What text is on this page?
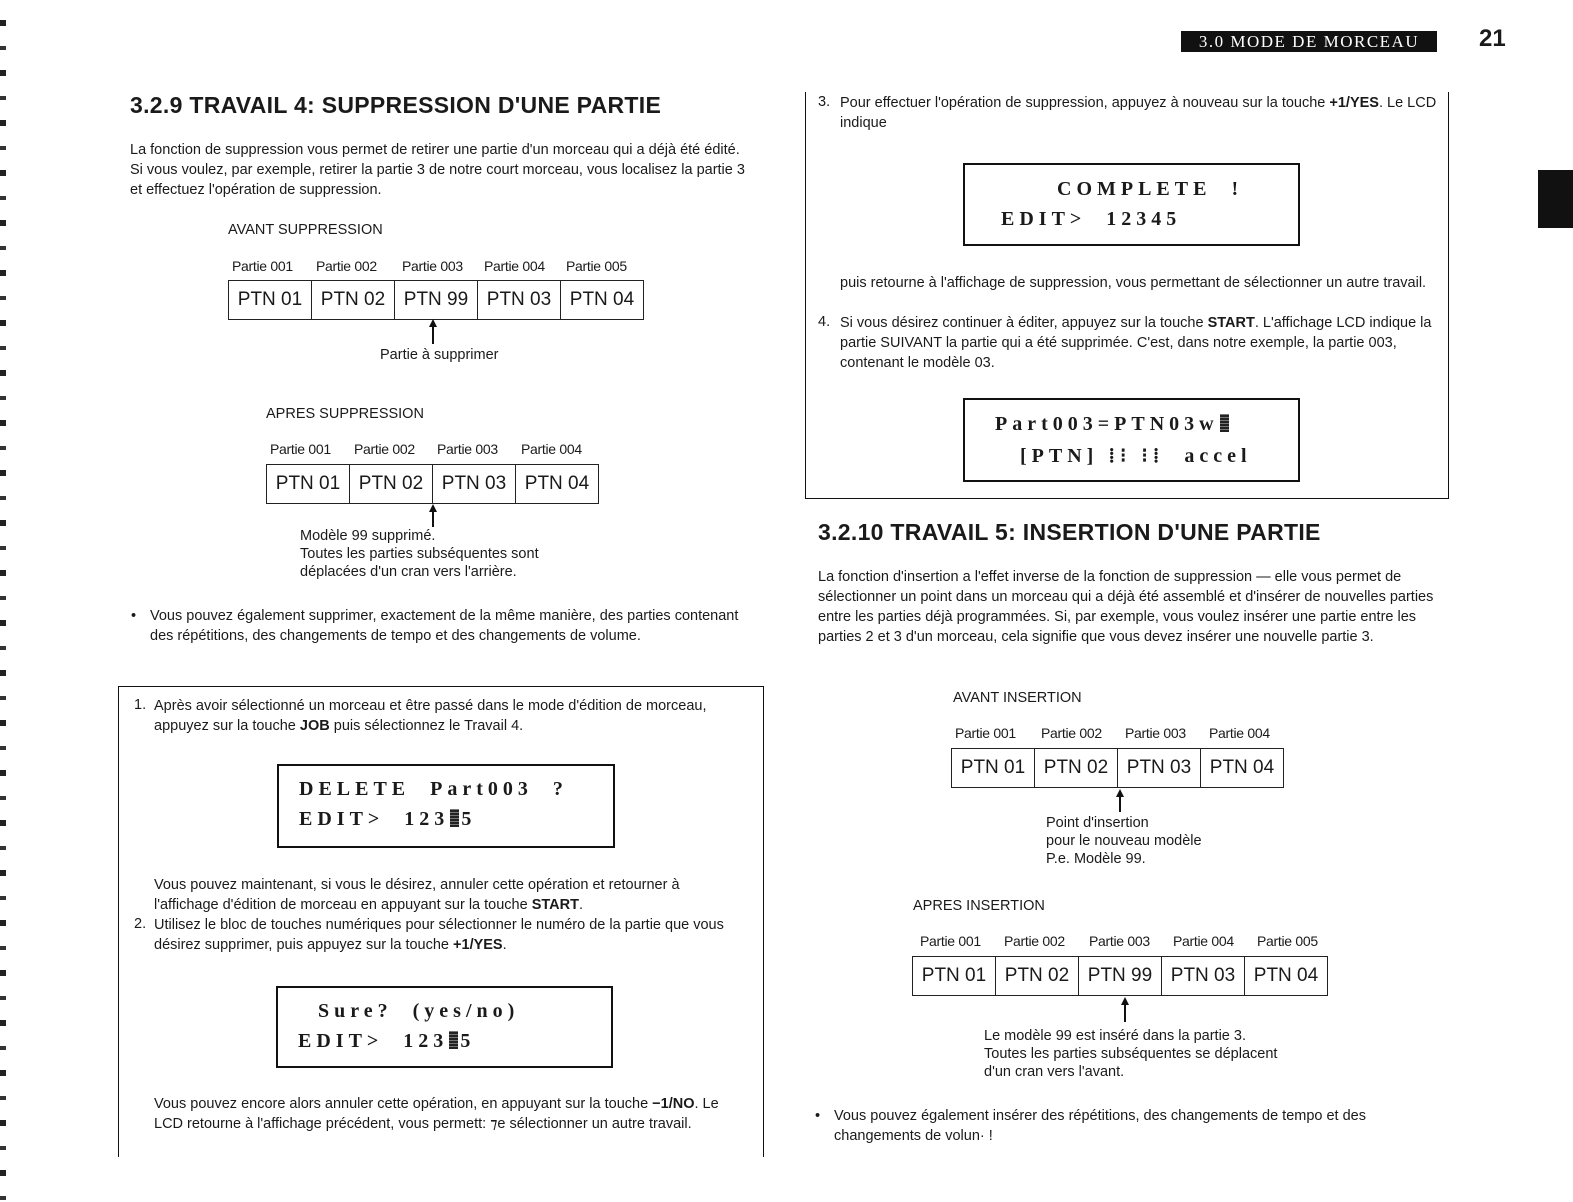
3.0 MODE DE MORCEAU	21
3.2.9 TRAVAIL 4: SUPPRESSION D'UNE PARTIE

La fonction de suppression vous permet de retirer une partie d'un morceau qui a déjà été édité. Si vous voulez, par exemple, retirer la partie 3 de notre court morceau, vous localisez la partie 3 et effectuez l'opération de suppression.

AVANT SUPPRESSION
Partie 001 Partie 002 Partie 003 Partie 004 Partie 005
PTN 01 PTN 02 PTN 99 PTN 03 PTN 04
Partie à supprimer
APRES SUPPRESSION
Partie 001 Partie 002 Partie 003 Partie 004
PTN 01 PTN 02 PTN 03 PTN 04
Modèle 99 supprimé.
Toutes les parties subséquentes sont
déplacées d'un cran vers l'arrière.

• Vous pouvez également supprimer, exactement de la même manière, des parties contenant des répétitions, des changements de tempo et des changements de volume.

1. Après avoir sélectionné un morceau et être passé dans le mode d'édition de morceau, appuyez sur la touche JOB puis sélectionnez le Travail 4.

DELETE  Part003  ?
EDIT>  123 5

Vous pouvez maintenant, si vous le désirez, annuler cette opération et retourner à l'affichage d'édition de morceau en appuyant sur la touche START.

2. Utilisez le bloc de touches numériques pour sélectionner le numéro de la partie que vous désirez supprimer, puis appuyez sur la touche +1/YES.

Sure?  (yes/no)
EDIT>  123 5

Vous pouvez encore alors annuler cette opération, en appuyant sur la touche −1/NO. Le LCD retourne à l'affichage précédent, vous permett: ⁊e sélectionner un autre travail.

3. Pour effectuer l'opération de suppression, appuyez à nouveau sur la touche +1/YES. Le LCD indique

COMPLETE  !
EDIT>  12345

puis retourne à l'affichage de suppression, vous permettant de sélectionner un autre travail.

4. Si vous désirez continuer à éditer, appuyez sur la touche START. L'affichage LCD indique la partie SUIVANT la partie qui a été supprimée. C'est, dans notre exemple, la partie 003, contenant le modèle 03.

Part003=PTN03w
[PTN] ⁞⁝ ⁝⁞  accel
3.2.10 TRAVAIL 5: INSERTION D'UNE PARTIE

La fonction d'insertion a l'effet inverse de la fonction de suppression — elle vous permet de sélectionner un point dans un morceau qui a déjà été assemblé et d'insérer de nouvelles parties entre les parties déjà programmées. Si, par exemple, vous voulez insérer une partie entre les parties 2 et 3 d'un morceau, cela signifie que vous devez insérer une nouvelle partie 3.

AVANT INSERTION
Partie 001 Partie 002 Partie 003 Partie 004
PTN 01 PTN 02 PTN 03 PTN 04
Point d'insertion
pour le nouveau modèle
P.e. Modèle 99.
APRES INSERTION
Partie 001 Partie 002 Partie 003 Partie 004 Partie 005
PTN 01 PTN 02 PTN 99 PTN 03 PTN 04
Le modèle 99 est inséré dans la partie 3.
Toutes les parties subséquentes se déplacent
d'un cran vers l'avant.

• Vous pouvez également insérer des répétitions, des changements de tempo et des changements de volun· !
